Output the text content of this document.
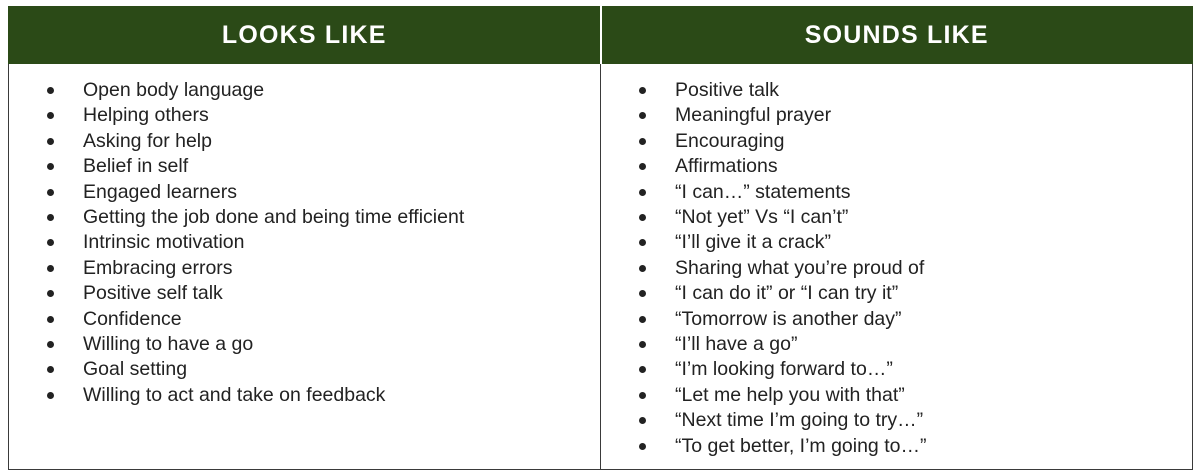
LOOKS LIKE	SOUNDS LIKE

Open body language
Helping others
Asking for help
Belief in self
Engaged learners
Getting the job done and being time efficient
Intrinsic motivation
Embracing errors
Positive self talk
Confidence
Willing to have a go
Goal setting
Willing to act and take on feedback

Positive talk
Meaningful prayer
Encouraging
Affirmations
“I can…” statements
“Not yet” Vs “I can’t”
“I’ll give it a crack”
Sharing what you’re proud of
“I can do it” or “I can try it”
“Tomorrow is another day”
“I’ll have a go”
“I’m looking forward to…”
“Let me help you with that”
“Next time I’m going to try…”
“To get better, I’m going to…”
